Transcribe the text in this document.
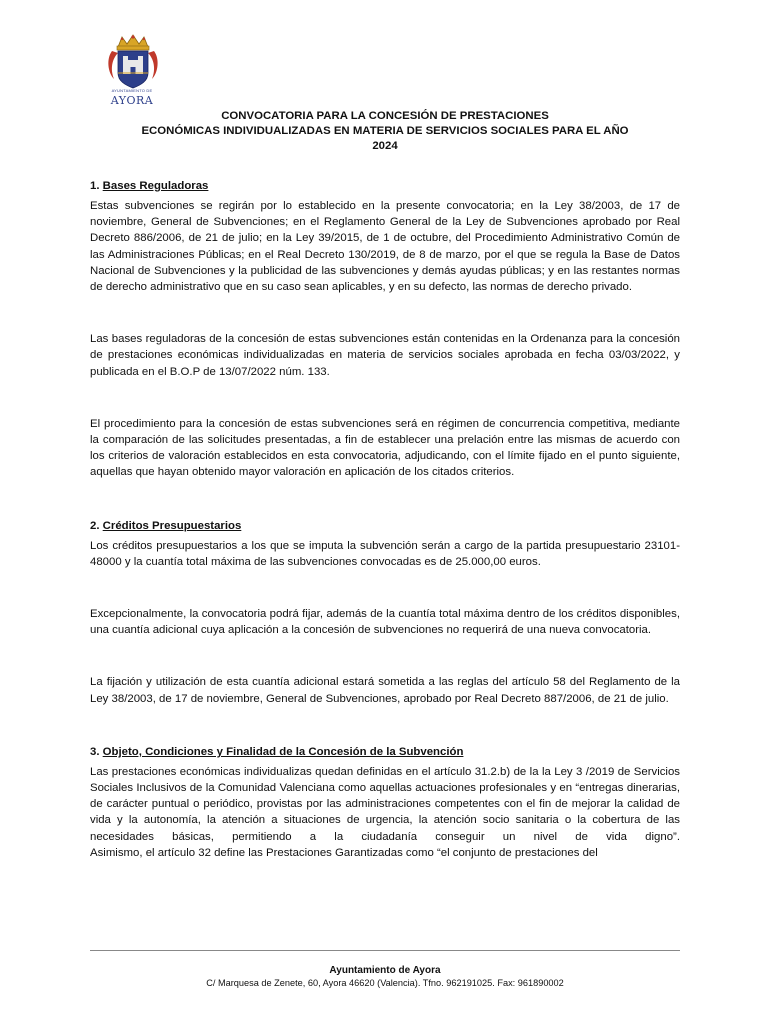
AYUNTAMIENTO DE
AYORA
CONVOCATORIA PARA LA CONCESIÓN DE PRESTACIONES
ECONÓMICAS INDIVIDUALIZADAS EN MATERIA DE SERVICIOS SOCIALES PARA EL AÑO
2024
1. Bases Reguladoras

Estas subvenciones se regirán por lo establecido en la presente convocatoria; en la Ley 38/2003, de 17 de noviembre, General de Subvenciones; en el Reglamento General de la Ley de Subvenciones aprobado por Real Decreto 886/2006, de 21 de julio; en la Ley 39/2015, de 1 de octubre, del Procedimiento Administrativo Común de las Administraciones Públicas; en el Real Decreto 130/2019, de 8 de marzo, por el que se regula la Base de Datos Nacional de Subvenciones y la publicidad de las subvenciones y demás ayudas públicas; y en las restantes normas de derecho administrativo que en su caso sean aplicables, y en su defecto, las normas de derecho privado.

Las bases reguladoras de la concesión de estas subvenciones están contenidas en la Ordenanza para la concesión de prestaciones económicas individualizadas en materia de servicios sociales aprobada en fecha 03/03/2022, y publicada en el B.O.P de 13/07/2022 núm. 133.

El procedimiento para la concesión de estas subvenciones será en régimen de concurrencia competitiva, mediante la comparación de las solicitudes presentadas, a fin de establecer una prelación entre las mismas de acuerdo con los criterios de valoración establecidos en esta convocatoria, adjudicando, con el límite fijado en el punto siguiente, aquellas que hayan obtenido mayor valoración en aplicación de los citados criterios.

2. Créditos Presupuestarios

Los créditos presupuestarios a los que se imputa la subvención serán a cargo de la partida presupuestario 23101-48000 y la cuantía total máxima de las subvenciones convocadas es de 25.000,00 euros.

Excepcionalmente, la convocatoria podrá fijar, además de la cuantía total máxima dentro de los créditos disponibles, una cuantía adicional cuya aplicación a la concesión de subvenciones no requerirá de una nueva convocatoria.

La fijación y utilización de esta cuantía adicional estará sometida a las reglas del artículo 58 del Reglamento de la Ley 38/2003, de 17 de noviembre, General de Subvenciones, aprobado por Real Decreto 887/2006, de 21 de julio.

3. Objeto, Condiciones y Finalidad de la Concesión de la Subvención

Las prestaciones económicas individualizas quedan definidas en el artículo 31.2.b) de la la Ley 3 /2019 de Servicios Sociales Inclusivos de la Comunidad Valenciana como aquellas actuaciones profesionales y en “entregas dinerarias, de carácter puntual o periódico, provistas por las administraciones competentes con el fin de mejorar la calidad de vida y la autonomía, la atención a situaciones de urgencia, la atención socio sanitaria o la cobertura de las necesidades básicas, permitiendo a la ciudadanía conseguir un nivel de vida digno”.

Asimismo, el artículo 32 define las Prestaciones Garantizadas como “el conjunto de prestaciones del

Ayuntamiento de Ayora
C/ Marquesa de Zenete, 60, Ayora 46620 (Valencia). Tfno. 962191025. Fax: 961890002
